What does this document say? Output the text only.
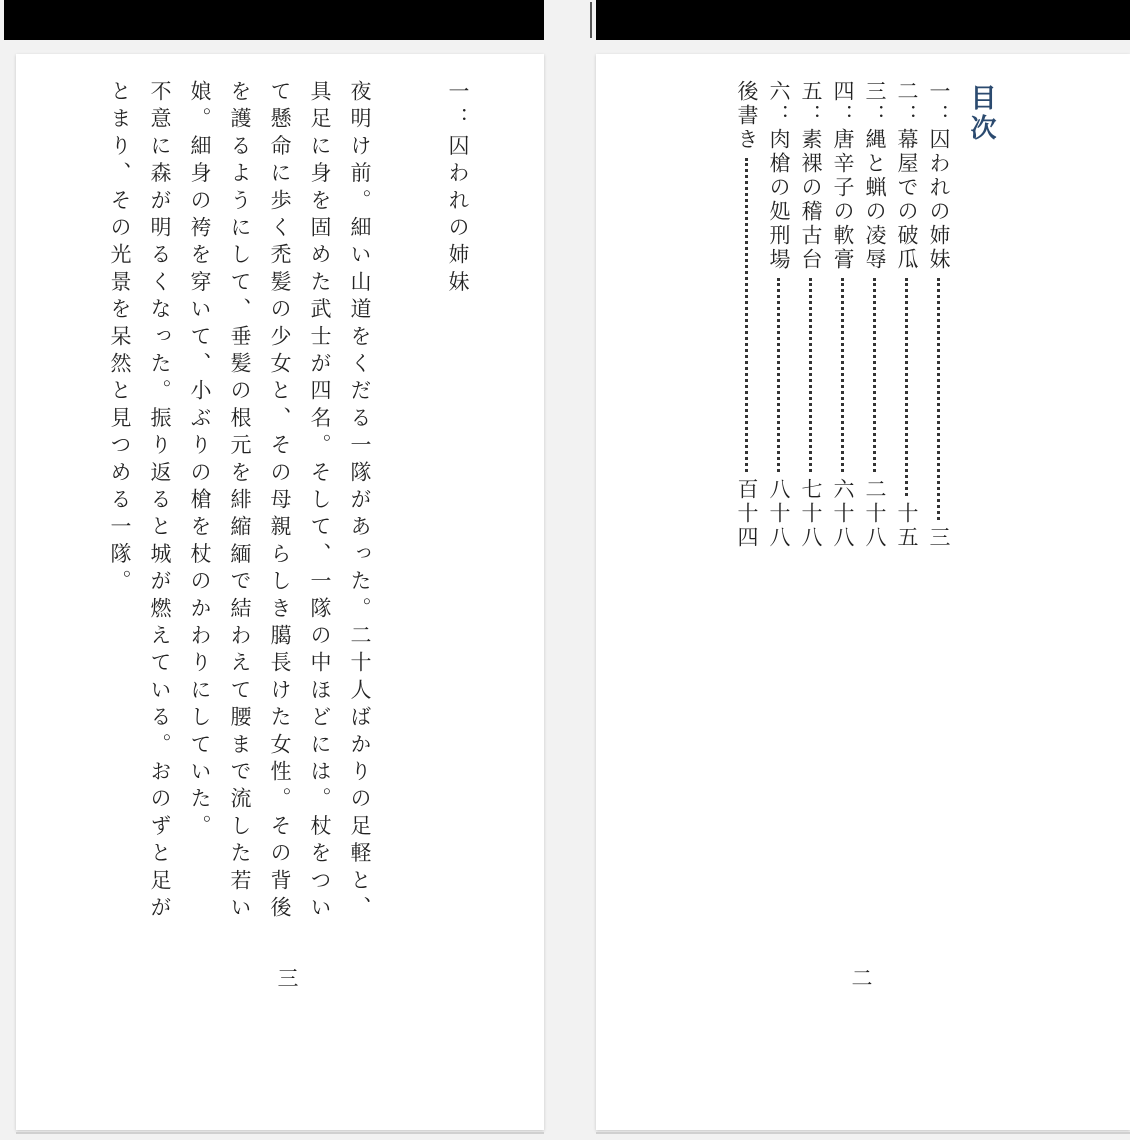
一：囚われの姉妹
夜明け前。細い山道をくだる一隊があった。二十人ばかりの足軽と、具足に身を固めた武士が四名。そして、一隊の中ほどには。杖をついて懸命に歩く禿髪の少女と、その母親らしき臈長けた女性。その背後を護るようにして、垂髪の根元を緋縮緬で結わえて腰まで流した若い娘。細身の袴を穿いて、小ぶりの槍を杖のかわりにしていた。
不意に森が明るくなった。振り返ると城が燃えている。おのずと足がとまり、その光景を呆然と見つめる一隊。
三
目次
一：囚われの姉妹
三
二：幕屋での破瓜
十五
三：縄と蝋の凌辱
二十八
四：唐辛子の軟膏
六十八
五：素裸の稽古台
七十八
六：肉槍の処刑場
八十八
後書き
百十四
二
